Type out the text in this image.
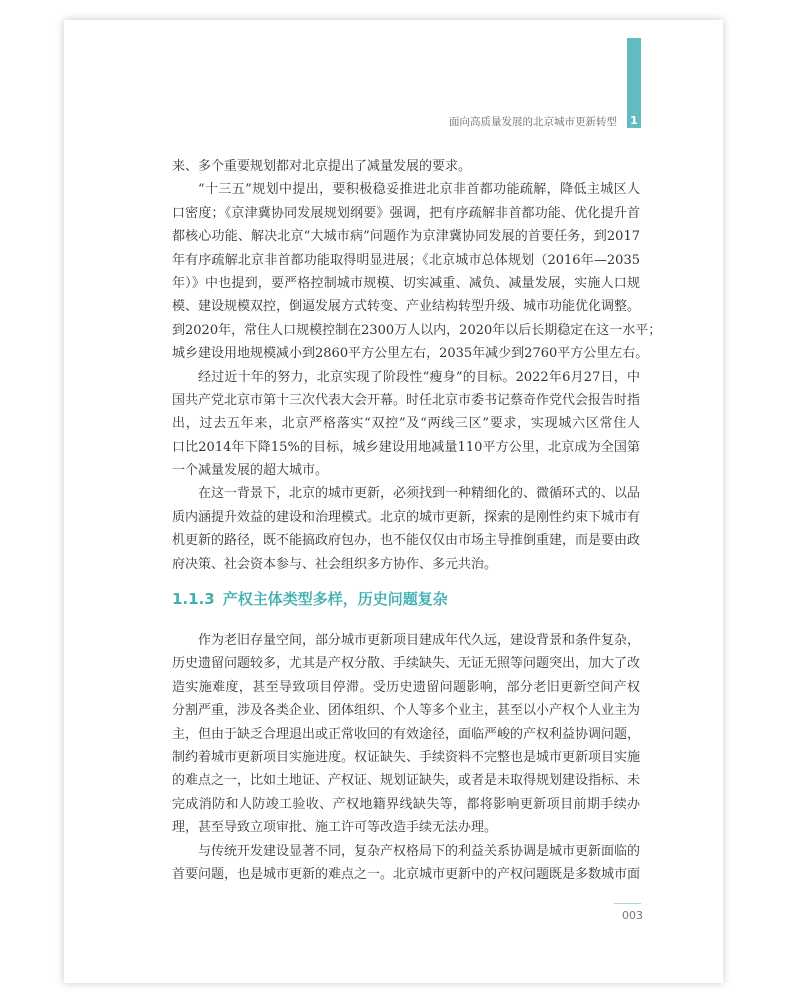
1
面向高质量发展的北京城市更新转型
来、多个重要规划都对北京提出了减量发展的要求。
“十三五”规划中提出，要积极稳妥推进北京非首都功能疏解，降低主城区人
口密度；《京津冀协同发展规划纲要》强调，把有序疏解非首都功能、优化提升首
都核心功能、解决北京“大城市病”问题作为京津冀协同发展的首要任务，到2017
年有序疏解北京非首都功能取得明显进展；《北京城市总体规划（2016年—2035
年）》中也提到，要严格控制城市规模、切实减重、减负、减量发展，实施人口规
模、建设规模双控，倒逼发展方式转变、产业结构转型升级、城市功能优化调整。
到2020年，常住人口规模控制在2300万人以内，2020年以后长期稳定在这一水平；
城乡建设用地规模减小到2860平方公里左右，2035年减少到2760平方公里左右。
经过近十年的努力，北京实现了阶段性“瘦身”的目标。2022年6月27日，中
国共产党北京市第十三次代表大会开幕。时任北京市委书记蔡奇作党代会报告时指
出，过去五年来，北京严格落实“双控”及“两线三区”要求，实现城六区常住人
口比2014年下降15%的目标，城乡建设用地减量110平方公里，北京成为全国第
一个减量发展的超大城市。
在这一背景下，北京的城市更新，必须找到一种精细化的、微循环式的、以品
质内涵提升效益的建设和治理模式。北京的城市更新，探索的是刚性约束下城市有
机更新的路径，既不能搞政府包办，也不能仅仅由市场主导推倒重建，而是要由政
府决策、社会资本参与、社会组织多方协作、多元共治。
1.1.3 产权主体类型多样，历史问题复杂
作为老旧存量空间，部分城市更新项目建成年代久远，建设背景和条件复杂，
历史遗留问题较多，尤其是产权分散、手续缺失、无证无照等问题突出，加大了改
造实施难度，甚至导致项目停滞。受历史遗留问题影响，部分老旧更新空间产权
分割严重，涉及各类企业、团体组织、个人等多个业主，甚至以小产权个人业主为
主，但由于缺乏合理退出或正常收回的有效途径，面临严峻的产权利益协调问题，
制约着城市更新项目实施进度。权证缺失、手续资料不完整也是城市更新项目实施
的难点之一，比如土地证、产权证、规划证缺失，或者是未取得规划建设指标、未
完成消防和人防竣工验收、产权地籍界线缺失等，都将影响更新项目前期手续办
理，甚至导致立项审批、施工许可等改造手续无法办理。
与传统开发建设显著不同，复杂产权格局下的利益关系协调是城市更新面临的
首要问题，也是城市更新的难点之一。北京城市更新中的产权问题既是多数城市面
003
